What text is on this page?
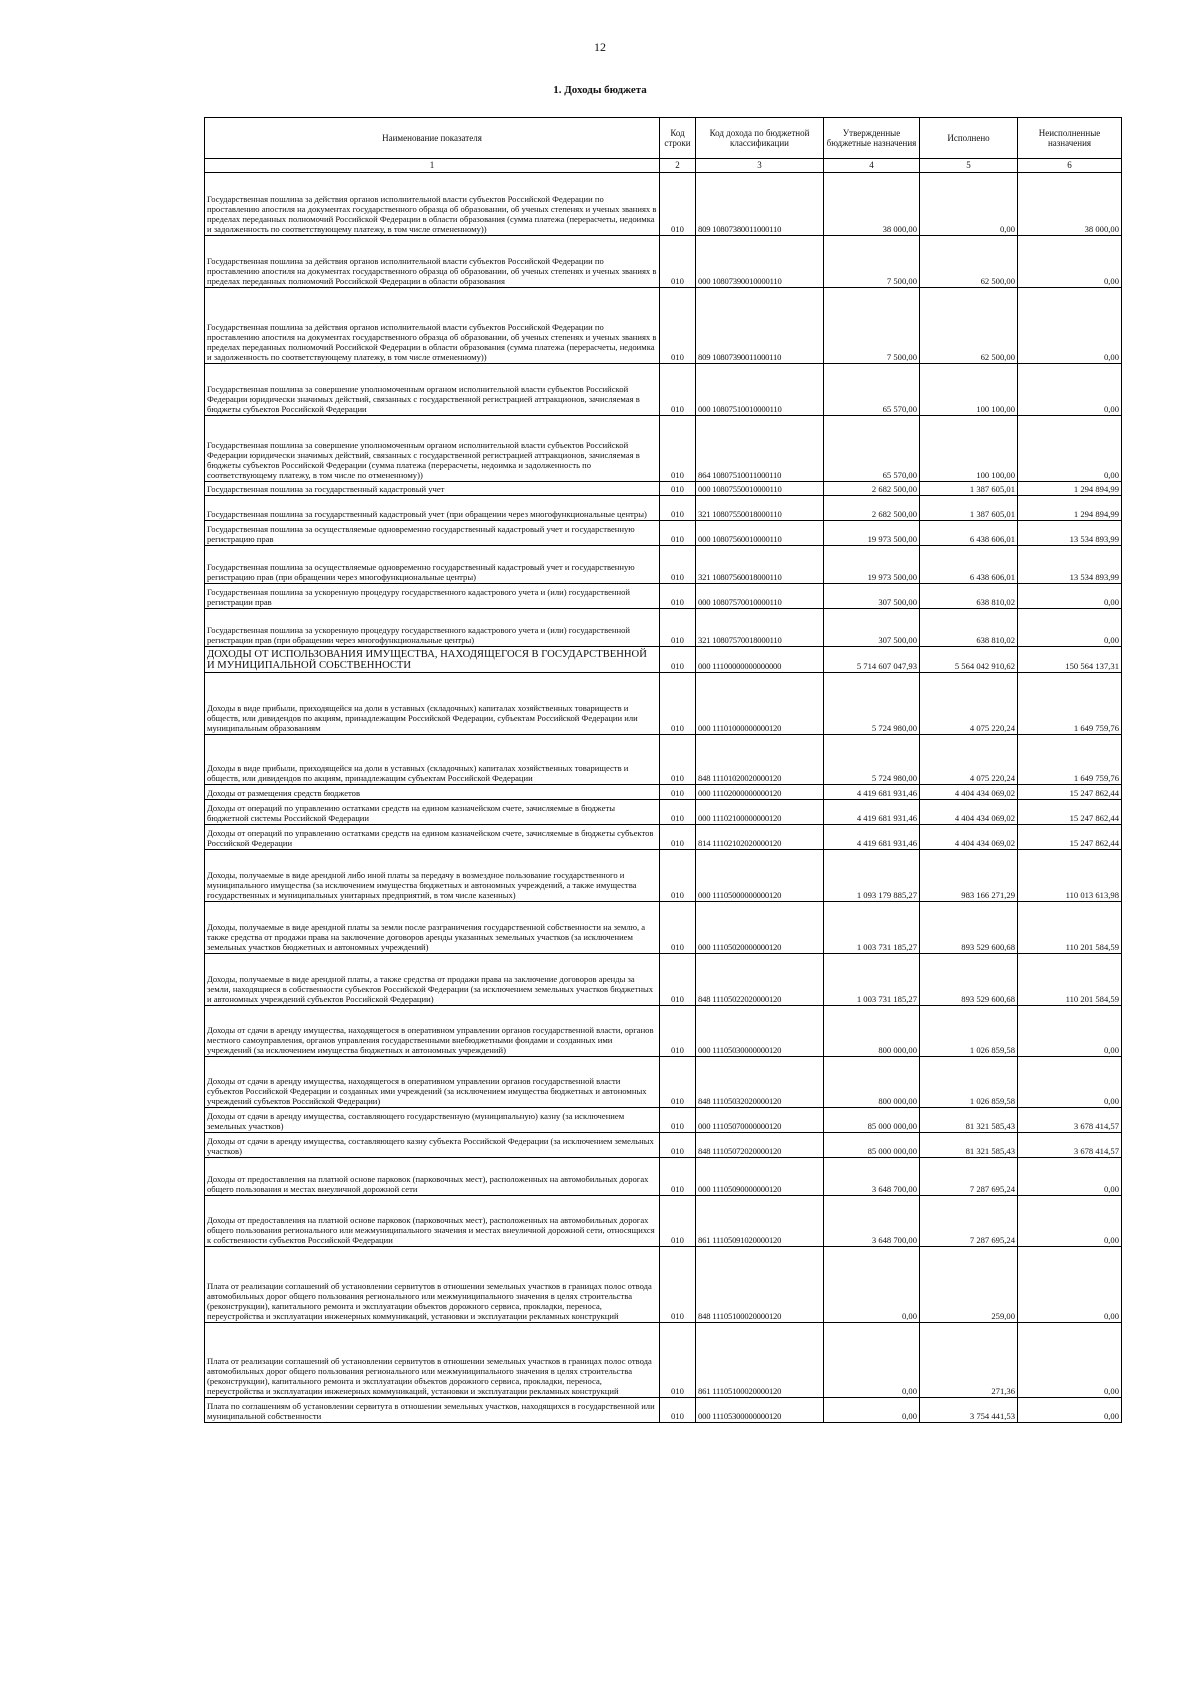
12
1. Доходы бюджета
Наименование показателя	Код строки	Код дохода по бюджетной классификации	Утвержденные бюджетные назначения	Исполнено	Неисполненные назначения
1	2	3	4	5	6
Государственная пошлина за действия органов исполнительной власти субъектов Российской Федерации по проставлению апостиля на документах государственного образца об образовании, об ученых степенях и ученых званиях в пределах переданных полномочий Российской Федерации в области образования (сумма платежа (перерасчеты, недоимка и задолженность по соответствующему платежу, в том числе отмененному))	010	809 10807380011000110	38 000,00	0,00	38 000,00
Государственная пошлина за действия органов исполнительной власти субъектов Российской Федерации по проставлению апостиля на документах государственного образца об образовании, об ученых степенях и ученых званиях в пределах переданных полномочий Российской Федерации в области образования	010	000 10807390010000110	7 500,00	62 500,00	0,00
Государственная пошлина за действия органов исполнительной власти субъектов Российской Федерации по проставлению апостиля на документах государственного образца об образовании, об ученых степенях и ученых званиях в пределах переданных полномочий Российской Федерации в области образования (сумма платежа (перерасчеты, недоимка и задолженность по соответствующему платежу, в том числе отмененному))	010	809 10807390011000110	7 500,00	62 500,00	0,00
Государственная пошлина за совершение уполномоченным органом исполнительной власти субъектов Российской Федерации юридически значимых действий, связанных с государственной регистрацией аттракционов, зачисляемая в бюджеты субъектов Российской Федерации	010	000 10807510010000110	65 570,00	100 100,00	0,00
Государственная пошлина за совершение уполномоченным органом исполнительной власти субъектов Российской Федерации юридически значимых действий, связанных с государственной регистрацией аттракционов, зачисляемая в бюджеты субъектов Российской Федерации (сумма платежа (перерасчеты, недоимка и задолженность по соответствующему платежу, в том числе по отмененному))	010	864 10807510011000110	65 570,00	100 100,00	0,00
Государственная пошлина за государственный кадастровый учет	010	000 10807550010000110	2 682 500,00	1 387 605,01	1 294 894,99
Государственная пошлина за государственный кадастровый учет (при обращении через многофункциональные центры)	010	321 10807550018000110	2 682 500,00	1 387 605,01	1 294 894,99
Государственная пошлина за осуществляемые одновременно государственный кадастровый учет и государственную регистрацию прав	010	000 10807560010000110	19 973 500,00	6 438 606,01	13 534 893,99
Государственная пошлина за осуществляемые одновременно государственный кадастровый учет и государственную регистрацию прав (при обращении через многофункциональные центры)	010	321 10807560018000110	19 973 500,00	6 438 606,01	13 534 893,99
Государственная пошлина за ускоренную процедуру государственного кадастрового учета и (или) государственной регистрации прав	010	000 10807570010000110	307 500,00	638 810,02	0,00
Государственная пошлина за ускоренную процедуру государственного кадастрового учета и (или) государственной регистрации прав (при обращении через многофункциональные центры)	010	321 10807570018000110	307 500,00	638 810,02	0,00
ДОХОДЫ ОТ ИСПОЛЬЗОВАНИЯ ИМУЩЕСТВА, НАХОДЯЩЕГОСЯ В ГОСУДАРСТВЕННОЙ И МУНИЦИПАЛЬНОЙ СОБСТВЕННОСТИ	010	000 11100000000000000	5 714 607 047,93	5 564 042 910,62	150 564 137,31
Доходы в виде прибыли, приходящейся на доли в уставных (складочных) капиталах хозяйственных товариществ и обществ, или дивидендов по акциям, принадлежащим Российской Федерации, субъектам Российской Федерации или муниципальным образованиям	010	000 11101000000000120	5 724 980,00	4 075 220,24	1 649 759,76
Доходы в виде прибыли, приходящейся на доли в уставных (складочных) капиталах хозяйственных товариществ и обществ, или дивидендов по акциям, принадлежащим субъектам Российской Федерации	010	848 11101020020000120	5 724 980,00	4 075 220,24	1 649 759,76
Доходы от размещения средств бюджетов	010	000 11102000000000120	4 419 681 931,46	4 404 434 069,02	15 247 862,44
Доходы от операций по управлению остатками средств на едином казначейском счете, зачисляемые в бюджеты бюджетной системы Российской Федерации	010	000 11102100000000120	4 419 681 931,46	4 404 434 069,02	15 247 862,44
Доходы от операций по управлению остатками средств на едином казначейском счете, зачисляемые в бюджеты субъектов Российской Федерации	010	814 11102102020000120	4 419 681 931,46	4 404 434 069,02	15 247 862,44
Доходы, получаемые в виде арендной либо иной платы за передачу в возмездное пользование государственного и муниципального имущества (за исключением имущества бюджетных и автономных учреждений, а также имущества государственных и муниципальных унитарных предприятий, в том числе казенных)	010	000 11105000000000120	1 093 179 885,27	983 166 271,29	110 013 613,98
Доходы, получаемые в виде арендной платы за земли после разграничения государственной собственности на землю, а также средства от продажи права на заключение договоров аренды указанных земельных участков (за исключением земельных участков бюджетных и автономных учреждений)	010	000 11105020000000120	1 003 731 185,27	893 529 600,68	110 201 584,59
Доходы, получаемые в виде арендной платы, а также средства от продажи права на заключение договоров аренды за земли, находящиеся в собственности субъектов Российской Федерации (за исключением земельных участков бюджетных и автономных учреждений субъектов Российской Федерации)	010	848 11105022020000120	1 003 731 185,27	893 529 600,68	110 201 584,59
Доходы от сдачи в аренду имущества, находящегося в оперативном управлении органов государственной власти, органов местного самоуправления, органов управления государственными внебюджетными фондами и созданных ими учреждений (за исключением имущества бюджетных и автономных учреждений)	010	000 11105030000000120	800 000,00	1 026 859,58	0,00
Доходы от сдачи в аренду имущества, находящегося в оперативном управлении органов государственной власти субъектов Российской Федерации и созданных ими учреждений (за исключением имущества бюджетных и автономных учреждений субъектов Российской Федерации)	010	848 11105032020000120	800 000,00	1 026 859,58	0,00
Доходы от сдачи в аренду имущества, составляющего государственную (муниципальную) казну (за исключением земельных участков)	010	000 11105070000000120	85 000 000,00	81 321 585,43	3 678 414,57
Доходы от сдачи в аренду имущества, составляющего казну субъекта Российской Федерации (за исключением земельных участков)	010	848 11105072020000120	85 000 000,00	81 321 585,43	3 678 414,57
Доходы от предоставления на платной основе парковок (парковочных мест), расположенных на автомобильных дорогах общего пользования и местах внеуличной дорожной сети	010	000 11105090000000120	3 648 700,00	7 287 695,24	0,00
Доходы от предоставления на платной основе парковок (парковочных мест), расположенных на автомобильных дорогах общего пользования регионального или межмуниципального значения и местах внеуличной дорожной сети, относящихся к собственности субъектов Российской Федерации	010	861 11105091020000120	3 648 700,00	7 287 695,24	0,00
Плата от реализации соглашений об установлении сервитутов в отношении земельных участков в границах полос отвода автомобильных дорог общего пользования регионального или межмуниципального значения в целях строительства (реконструкции), капитального ремонта и эксплуатации объектов дорожного сервиса, прокладки, переноса, переустройства и эксплуатации инженерных коммуникаций, установки и эксплуатации рекламных конструкций	010	848 11105100020000120	0,00	259,00	0,00
Плата от реализации соглашений об установлении сервитутов в отношении земельных участков в границах полос отвода автомобильных дорог общего пользования регионального или межмуниципального значения в целях строительства (реконструкции), капитального ремонта и эксплуатации объектов дорожного сервиса, прокладки, переноса, переустройства и эксплуатации инженерных коммуникаций, установки и эксплуатации рекламных конструкций	010	861 11105100020000120	0,00	271,36	0,00
Плата по соглашениям об установлении сервитута в отношении земельных участков, находящихся в государственной или муниципальной собственности	010	000 11105300000000120	0,00	3 754 441,53	0,00
